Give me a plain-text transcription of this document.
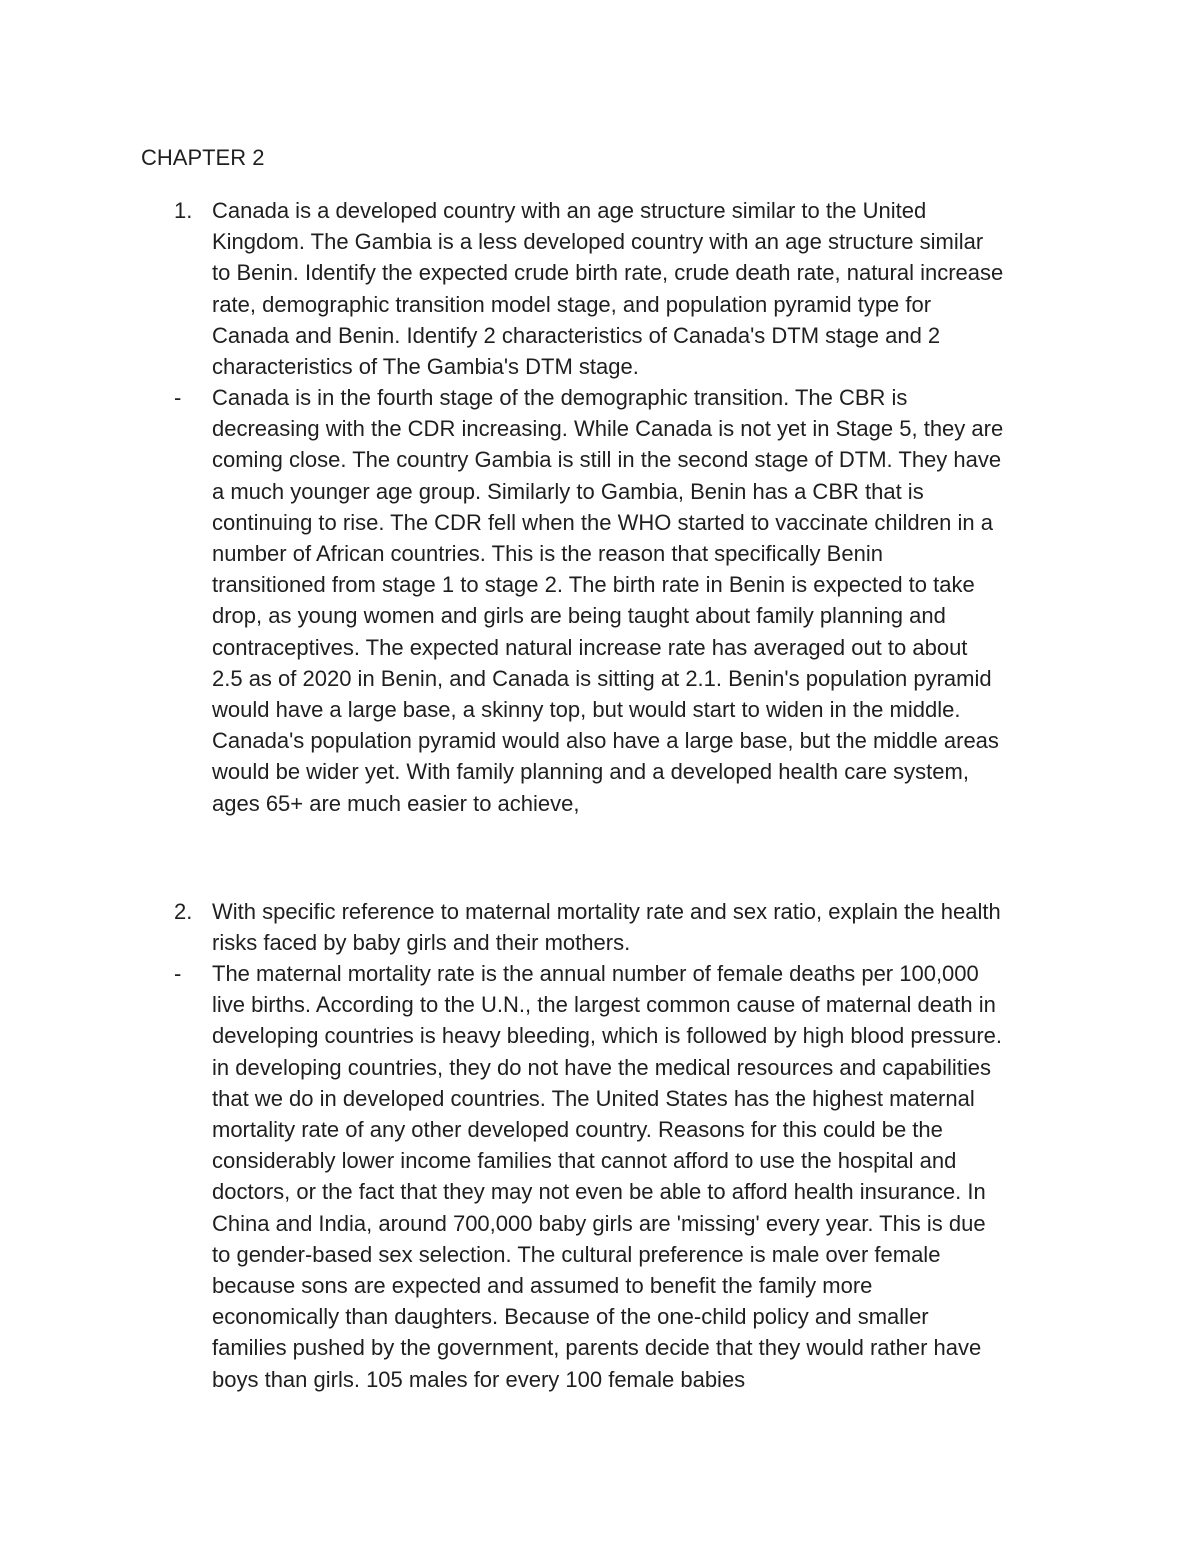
CHAPTER 2
1. Canada is a developed country with an age structure similar to the United
Kingdom. The Gambia is a less developed country with an age structure similar
to Benin. Identify the expected crude birth rate, crude death rate, natural increase
rate, demographic transition model stage, and population pyramid type for
Canada and Benin. Identify 2 characteristics of Canada's DTM stage and 2
characteristics of The Gambia's DTM stage.
- Canada is in the fourth stage of the demographic transition. The CBR is
decreasing with the CDR increasing. While Canada is not yet in Stage 5, they are
coming close. The country Gambia is still in the second stage of DTM. They have
a much younger age group. Similarly to Gambia, Benin has a CBR that is
continuing to rise. The CDR fell when the WHO started to vaccinate children in a
number of African countries. This is the reason that specifically Benin
transitioned from stage 1 to stage 2. The birth rate in Benin is expected to take
drop, as young women and girls are being taught about family planning and
contraceptives. The expected natural increase rate has averaged out to about
2.5 as of 2020 in Benin, and Canada is sitting at 2.1. Benin's population pyramid
would have a large base, a skinny top, but would start to widen in the middle.
Canada's population pyramid would also have a large base, but the middle areas
would be wider yet. With family planning and a developed health care system,
ages 65+ are much easier to achieve,
2. With specific reference to maternal mortality rate and sex ratio, explain the health
risks faced by baby girls and their mothers.
- The maternal mortality rate is the annual number of female deaths per 100,000
live births. According to the U.N., the largest common cause of maternal death in
developing countries is heavy bleeding, which is followed by high blood pressure.
in developing countries, they do not have the medical resources and capabilities
that we do in developed countries. The United States has the highest maternal
mortality rate of any other developed country. Reasons for this could be the
considerably lower income families that cannot afford to use the hospital and
doctors, or the fact that they may not even be able to afford health insurance. In
China and India, around 700,000 baby girls are 'missing' every year. This is due
to gender-based sex selection. The cultural preference is male over female
because sons are expected and assumed to benefit the family more
economically than daughters. Because of the one-child policy and smaller
families pushed by the government, parents decide that they would rather have
boys than girls. 105 males for every 100 female babies
